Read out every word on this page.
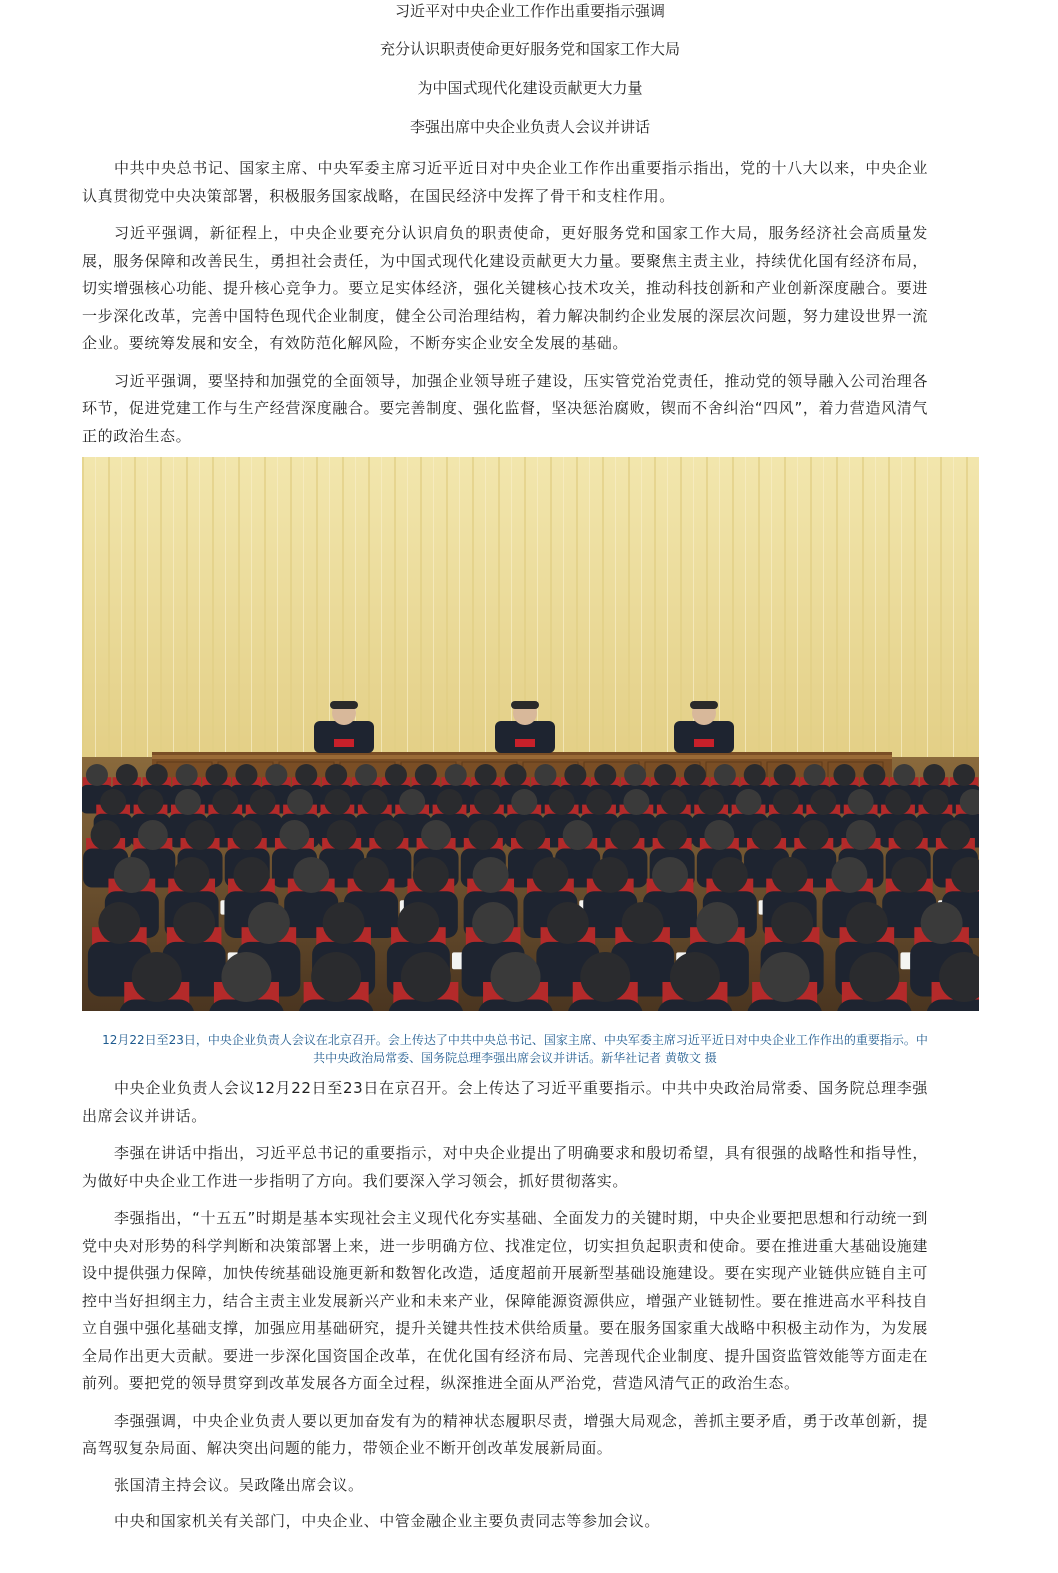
习近平对中央企业工作作出重要指示强调
充分认识职责使命更好服务党和国家工作大局
为中国式现代化建设贡献更大力量
李强出席中央企业负责人会议并讲话

中共中央总书记、国家主席、中央军委主席习近平近日对中央企业工作作出重要指示指出，党的十八大以来，中央企业认真贯彻党中央决策部署，积极服务国家战略，在国民经济中发挥了骨干和支柱作用。

习近平强调，新征程上，中央企业要充分认识肩负的职责使命，更好服务党和国家工作大局，服务经济社会高质量发展，服务保障和改善民生，勇担社会责任，为中国式现代化建设贡献更大力量。要聚焦主责主业，持续优化国有经济布局，切实增强核心功能、提升核心竞争力。要立足实体经济，强化关键核心技术攻关，推动科技创新和产业创新深度融合。要进一步深化改革，完善中国特色现代企业制度，健全公司治理结构，着力解决制约企业发展的深层次问题，努力建设世界一流企业。要统筹发展和安全，有效防范化解风险，不断夯实企业安全发展的基础。

习近平强调，要坚持和加强党的全面领导，加强企业领导班子建设，压实管党治党责任，推动党的领导融入公司治理各环节，促进党建工作与生产经营深度融合。要完善制度、强化监督，坚决惩治腐败，锲而不舍纠治“四风”，着力营造风清气正的政治生态。

12月22日至23日，中央企业负责人会议在北京召开。会上传达了中共中央总书记、国家主席、中央军委主席习近平近日对中央企业工作作出的重要指示。中共中央政治局常委、国务院总理李强出席会议并讲话。新华社记者 黄敬文 摄

中央企业负责人会议12月22日至23日在京召开。会上传达了习近平重要指示。中共中央政治局常委、国务院总理李强出席会议并讲话。

李强在讲话中指出，习近平总书记的重要指示，对中央企业提出了明确要求和殷切希望，具有很强的战略性和指导性，为做好中央企业工作进一步指明了方向。我们要深入学习领会，抓好贯彻落实。

李强指出，“十五五”时期是基本实现社会主义现代化夯实基础、全面发力的关键时期，中央企业要把思想和行动统一到党中央对形势的科学判断和决策部署上来，进一步明确方位、找准定位，切实担负起职责和使命。要在推进重大基础设施建设中提供强力保障，加快传统基础设施更新和数智化改造，适度超前开展新型基础设施建设。要在实现产业链供应链自主可控中当好担纲主力，结合主责主业发展新兴产业和未来产业，保障能源资源供应，增强产业链韧性。要在推进高水平科技自立自强中强化基础支撑，加强应用基础研究，提升关键共性技术供给质量。要在服务国家重大战略中积极主动作为，为发展全局作出更大贡献。要进一步深化国资国企改革，在优化国有经济布局、完善现代企业制度、提升国资监管效能等方面走在前列。要把党的领导贯穿到改革发展各方面全过程，纵深推进全面从严治党，营造风清气正的政治生态。

李强强调，中央企业负责人要以更加奋发有为的精神状态履职尽责，增强大局观念，善抓主要矛盾，勇于改革创新，提高驾驭复杂局面、解决突出问题的能力，带领企业不断开创改革发展新局面。

张国清主持会议。吴政隆出席会议。

中央和国家机关有关部门，中央企业、中管金融企业主要负责同志等参加会议。
